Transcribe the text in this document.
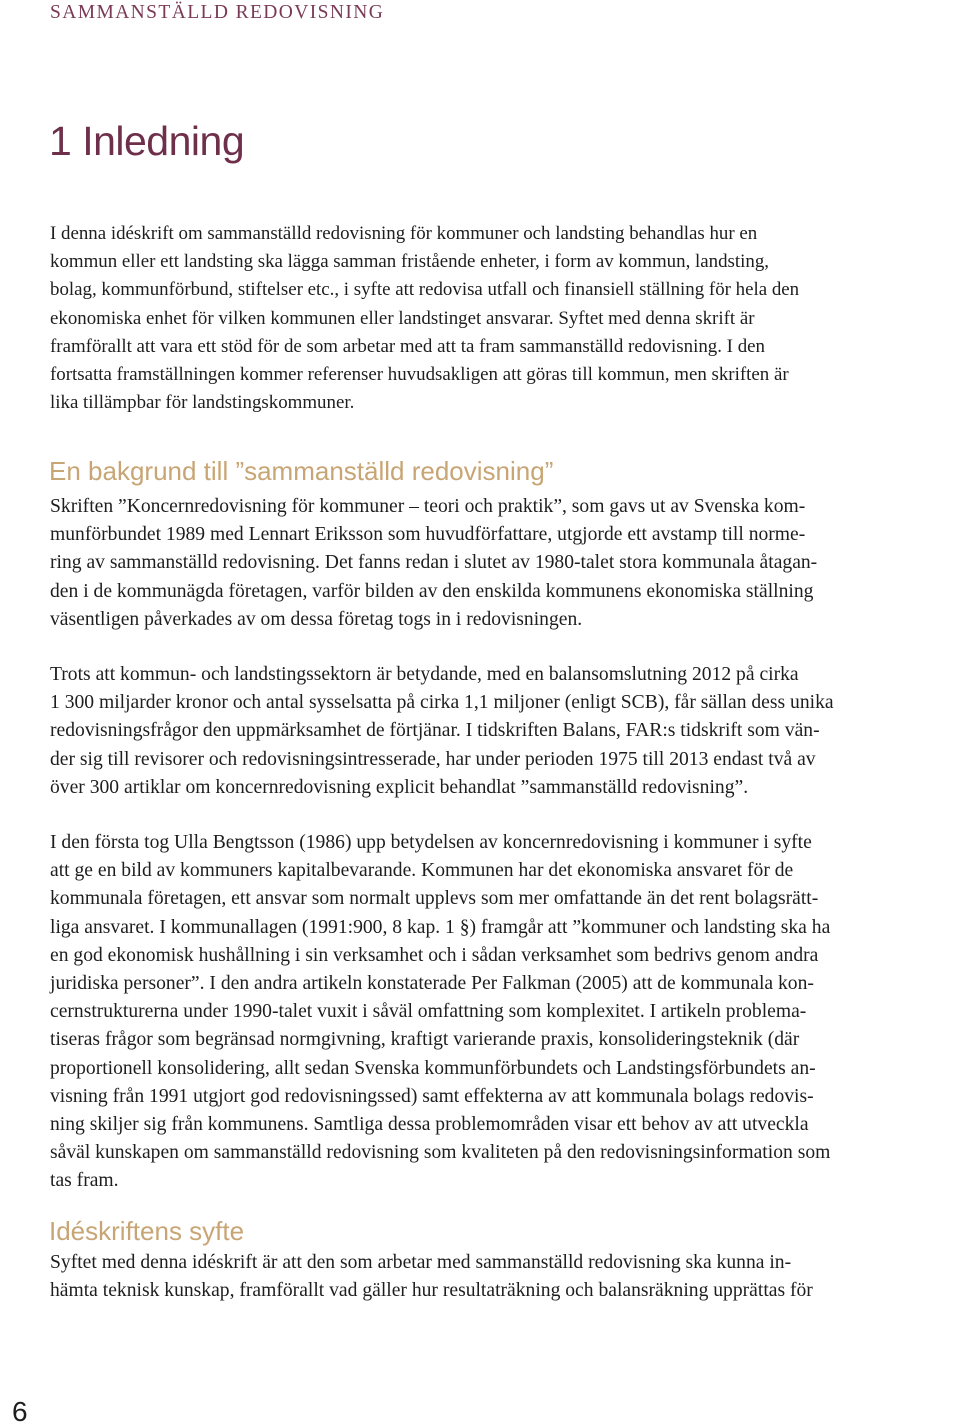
SAMMANSTÄLLD REDOVISNING
1 Inledning
I denna idéskrift om sammanställd redovisning för kommuner och landsting behandlas hur en
kommun eller ett landsting ska lägga samman fristående enheter, i form av kommun, landsting,
bolag, kommunförbund, stiftelser etc., i syfte att redovisa utfall och finansiell ställning för hela den
ekonomiska enhet för vilken kommunen eller landstinget ansvarar. Syftet med denna skrift är
framförallt att vara ett stöd för de som arbetar med att ta fram sammanställd redovisning. I den
fortsatta framställningen kommer referenser huvudsakligen att göras till kommun, men skriften är
lika tillämpbar för landstingskommuner.
En bakgrund till ”sammanställd redovisning”
Skriften ”Koncernredovisning för kommuner – teori och praktik”, som gavs ut av Svenska kom-
munförbundet 1989 med Lennart Eriksson som huvudförfattare, utgjorde ett avstamp till norme-
ring av sammanställd redovisning. Det fanns redan i slutet av 1980-talet stora kommunala åtagan-
den i de kommunägda företagen, varför bilden av den enskilda kommunens ekonomiska ställning
väsentligen påverkades av om dessa företag togs in i redovisningen.
Trots att kommun- och landstingssektorn är betydande, med en balansomslutning 2012 på cirka
1 300 miljarder kronor och antal sysselsatta på cirka 1,1 miljoner (enligt SCB), får sällan dess unika
redovisningsfrågor den uppmärksamhet de förtjänar. I tidskriften Balans, FAR:s tidskrift som vän-
der sig till revisorer och redovisningsintresserade, har under perioden 1975 till 2013 endast två av
över 300 artiklar om koncernredovisning explicit behandlat ”sammanställd redovisning”.
I den första tog Ulla Bengtsson (1986) upp betydelsen av koncernredovisning i kommuner i syfte
att ge en bild av kommuners kapitalbevarande. Kommunen har det ekonomiska ansvaret för de
kommunala företagen, ett ansvar som normalt upplevs som mer omfattande än det rent bolagsrätt-
liga ansvaret. I kommunallagen (1991:900, 8 kap. 1 §) framgår att ”kommuner och landsting ska ha
en god ekonomisk hushållning i sin verksamhet och i sådan verksamhet som bedrivs genom andra
juridiska personer”. I den andra artikeln konstaterade Per Falkman (2005) att de kommunala kon-
cernstrukturerna under 1990-talet vuxit i såväl omfattning som komplexitet. I artikeln problema-
tiseras frågor som begränsad normgivning, kraftigt varierande praxis, konsolideringsteknik (där
proportionell konsolidering, allt sedan Svenska kommunförbundets och Landstingsförbundets an-
visning från 1991 utgjort god redovisningssed) samt effekterna av att kommunala bolags redovis-
ning skiljer sig från kommunens. Samtliga dessa problemområden visar ett behov av att utveckla
såväl kunskapen om sammanställd redovisning som kvaliteten på den redovisningsinformation som
tas fram.
Idéskriftens syfte
Syftet med denna idéskrift är att den som arbetar med sammanställd redovisning ska kunna in-
hämta teknisk kunskap, framförallt vad gäller hur resultaträkning och balansräkning upprättas för
6
